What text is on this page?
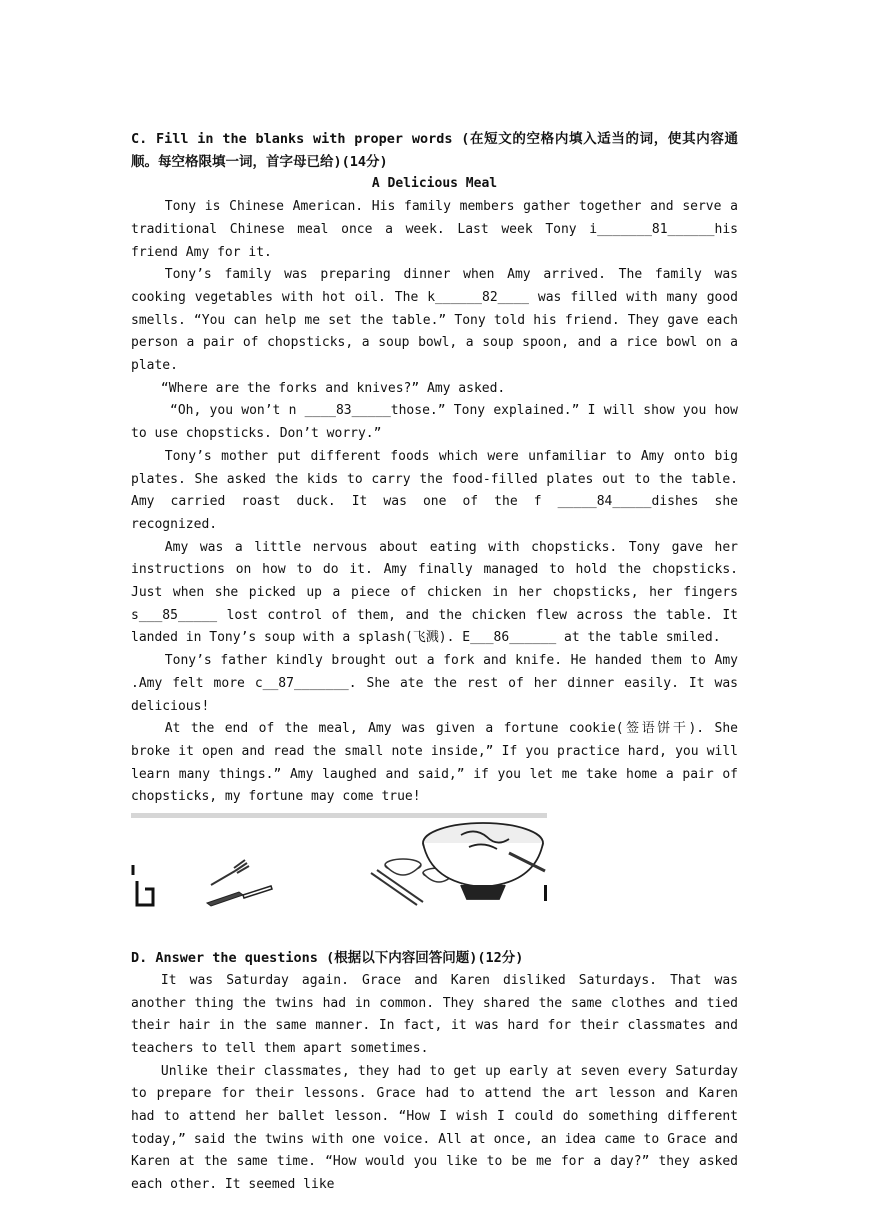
C. Fill in the blanks with proper words (在短文的空格内填入适当的词，使其内容通顺。每空格限填一词，首字母已给)(14分)

A Delicious Meal

Tony is Chinese American. His family members gather together and serve a traditional Chinese meal once a week. Last week Tony i_______81______his friend Amy for it.

Tony’s family was preparing dinner when Amy arrived. The family was cooking vegetables with hot oil. The k______82____ was filled with many good smells. “You can help me set the table.” Tony told his friend. They gave each person a pair of chopsticks, a soup bowl, a soup spoon, and a rice bowl on a plate.

“Where are the forks and knives?” Amy asked.

“Oh, you won’t n ____83_____those.” Tony explained.” I will show you how to use chopsticks. Don’t worry.”

Tony’s mother put different foods which were unfamiliar to Amy onto big plates. She asked the kids to carry the food-filled plates out to the table. Amy carried roast duck. It was one of the f _____84_____dishes she recognized.

Amy was a little nervous about eating with chopsticks. Tony gave her instructions on how to do it. Amy finally managed to hold the chopsticks. Just when she picked up a piece of chicken in her chopsticks, her fingers s___85_____ lost control of them, and the chicken flew across the table. It landed in Tony’s soup with a splash(飞溅). E___86______ at the table smiled.

Tony’s father kindly brought out a fork and knife. He handed them to Amy .Amy felt more c__87_______. She ate the rest of her dinner easily. It was delicious!

At the end of the meal, Amy was given a fortune cookie(签语饼干). She broke it open and read the small note inside,” If you practice hard, you will learn many things.” Amy laughed and said,” if you let me take home a pair of chopsticks, my fortune may come true!

D. Answer the questions (根据以下内容回答问题)(12分)

It was Saturday again. Grace and Karen disliked Saturdays. That was another thing the twins had in common. They shared the same clothes and tied their hair in the same manner. In fact, it was hard for their classmates and teachers to tell them apart sometimes.

Unlike their classmates, they had to get up early at seven every Saturday to prepare for their lessons. Grace had to attend the art lesson and Karen had to attend her ballet lesson. “How I wish I could do something different today,” said the twins with one voice. All at once, an idea came to Grace and Karen at the same time. “How would you like to be me for a day?” they asked each other. It seemed like
